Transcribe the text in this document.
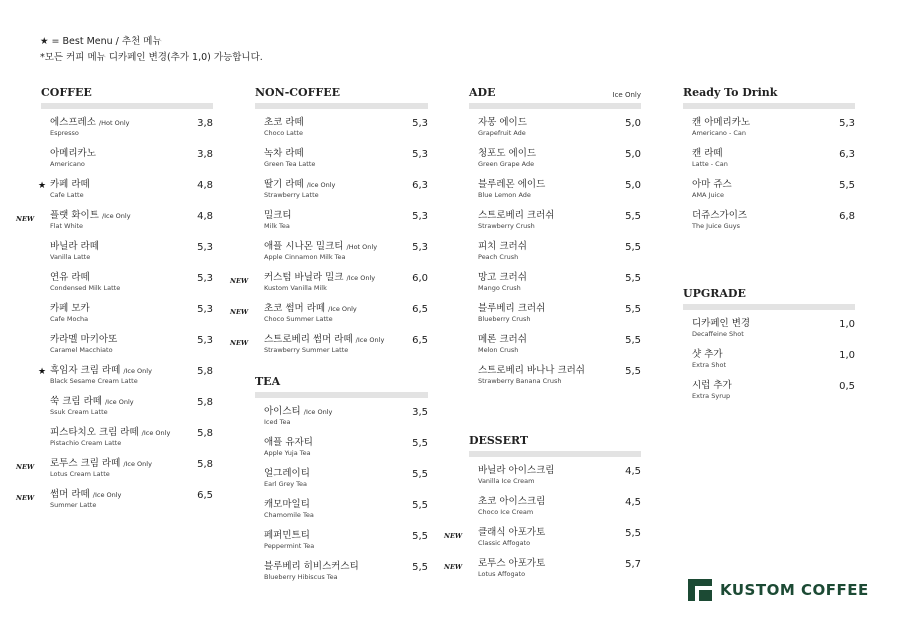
★ = Best Menu / 추천 메뉴
*모든 커피 메뉴 디카페인 변경(추가 1,0) 가능합니다.
COFFEE
에스프레소 /Hot Only
Espresso
3,8
아메리카노
Americano
3,8
★ 카페 라떼
Cafe Latte
4,8
NEW 플랫 화이트 /Ice Only
Flat White
4,8
바닐라 라떼
Vanilla Latte
5,3
연유 라떼
Condensed Milk Latte
5,3
카페 모카
Cafe Mocha
5,3
카라멜 마키아또
Caramel Macchiato
5,3
★ 흑임자 크림 라떼 /Ice Only
Black Sesame Cream Latte
5,8
쑥 크림 라떼 /Ice Only
Ssuk Cream Latte
5,8
피스타치오 크림 라떼 /Ice Only
Pistachio Cream Latte
5,8
NEW 로투스 크림 라떼 /Ice Only
Lotus Cream Latte
5,8
NEW 썸머 라떼 /Ice Only
Summer Latte
6,5
NON-COFFEE
초코 라떼
Choco Latte
5,3
녹차 라떼
Green Tea Latte
5,3
딸기 라떼 /Ice Only
Strawberry Latte
6,3
밀크티
Milk Tea
5,3
애플 시나몬 밀크티 /Hot Only
Apple Cinnamon Milk Tea
5,3
NEW 커스텀 바닐라 밀크 /Ice Only
Kustom Vanilla Milk
6,0
NEW 초코 썸머 라떼 /Ice Only
Choco Summer Latte
6,5
NEW 스트로베리 썸머 라떼 /Ice Only
Strawberry Summer Latte
6,5
TEA
아이스티 /Ice Only
Iced Tea
3,5
애플 유자티
Apple Yuja Tea
5,5
얼그레이티
Earl Grey Tea
5,5
캐모마일티
Chamomile Tea
5,5
페퍼민트티
Peppermint Tea
5,5
블루베리 히비스커스티
Blueberry Hibiscus Tea
5,5
ADE	Ice Only
자몽 에이드
Grapefruit Ade
5,0
청포도 에이드
Green Grape Ade
5,0
블루레몬 에이드
Blue Lemon Ade
5,0
스트로베리 크러쉬
Strawberry Crush
5,5
피치 크러쉬
Peach Crush
5,5
망고 크러쉬
Mango Crush
5,5
블루베리 크러쉬
Blueberry Crush
5,5
메론 크러쉬
Melon Crush
5,5
스트로베리 바나나 크러쉬
Strawberry Banana Crush
5,5
DESSERT
바닐라 아이스크림
Vanilla Ice Cream
4,5
초코 아이스크림
Choco Ice Cream
4,5
NEW 클래식 아포가토
Classic Affogato
5,5
NEW 로투스 아포가토
Lotus Affogato
5,7
Ready To Drink
캔 아메리카노
Americano - Can
5,3
캔 라떼
Latte - Can
6,3
아마 쥬스
AMA Juice
5,5
더쥬스가이즈
The Juice Guys
6,8
UPGRADE
디카페인 변경
Decaffeine Shot
1,0
샷 추가
Extra Shot
1,0
시럽 추가
Extra Syrup
0,5
KUSTOM COFFEE
